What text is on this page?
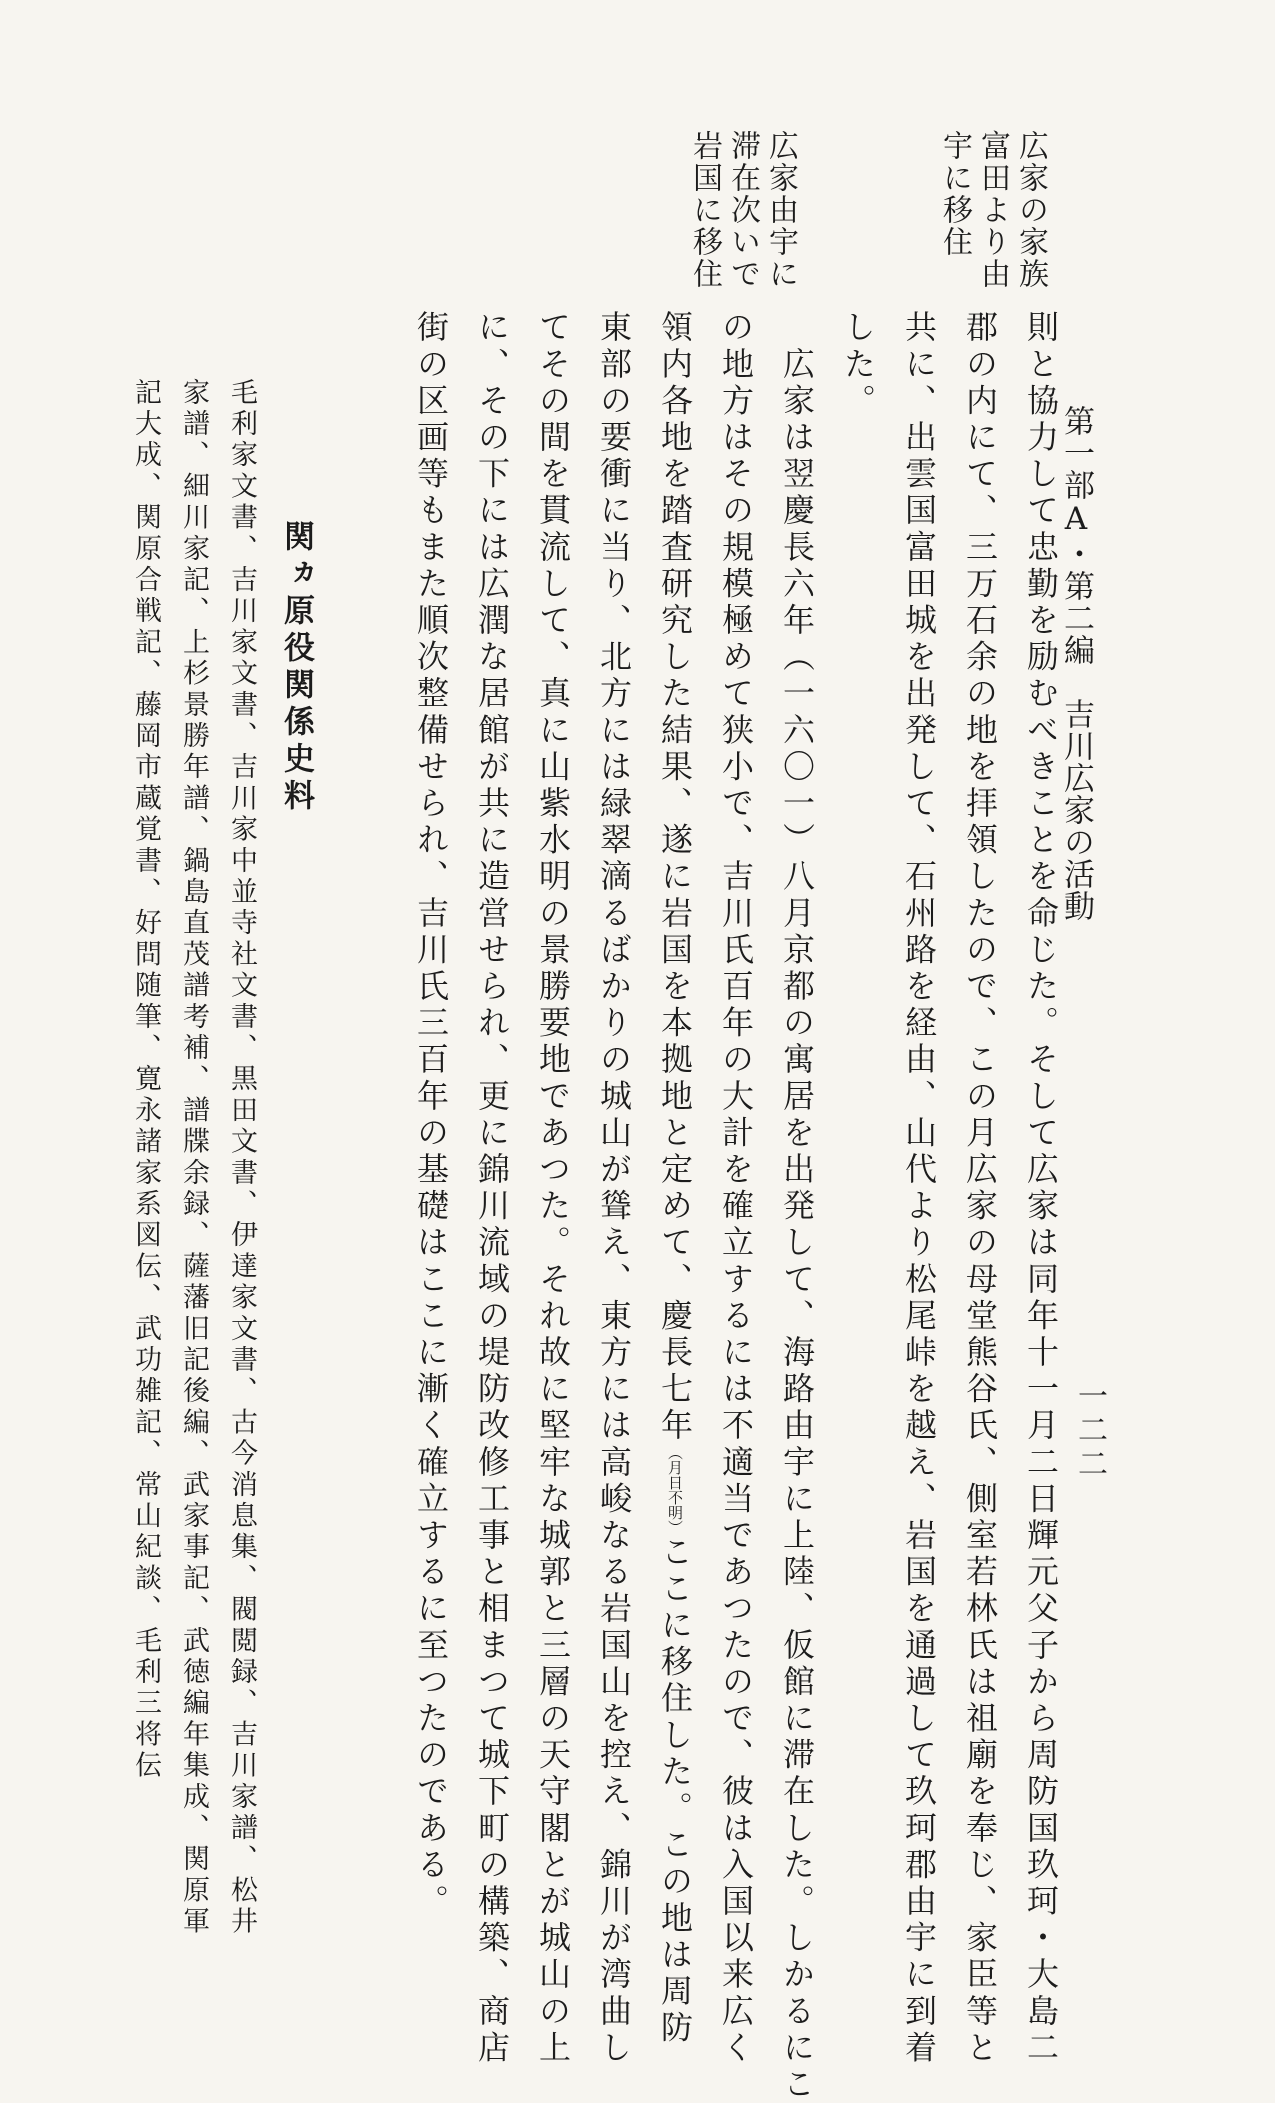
第一部A・第二編　吉川広家の活動
一二二
広家の家族
富田より由
宇に移住
広家由宇に
滞在次いで
岩国に移住
則と協力して忠勤を励むべきことを命じた。そして広家は同年十一月二日輝元父子から周防国玖珂・大島二
郡の内にて、三万石余の地を拝領したので、この月広家の母堂熊谷氏、側室若林氏は祖廟を奉じ、家臣等と
共に、出雲国富田城を出発して、石州路を経由、山代より松尾峠を越え、岩国を通過して玖珂郡由宇に到着
した。
　広家は翌慶長六年（一六〇一）八月京都の寓居を出発して、海路由宇に上陸、仮館に滞在した。しかるにこ
の地方はその規模極めて狭小で、吉川氏百年の大計を確立するには不適当であつたので、彼は入国以来広く
領内各地を踏査研究した結果、遂に岩国を本拠地と定めて、慶長七年（月日不明）ここに移住した。この地は周防
東部の要衝に当り、北方には緑翠滴るばかりの城山が聳え、東方には高峻なる岩国山を控え、錦川が湾曲し
てその間を貫流して、真に山紫水明の景勝要地であつた。それ故に堅牢な城郭と三層の天守閣とが城山の上
に、その下には広潤な居館が共に造営せられ、更に錦川流域の堤防改修工事と相まつて城下町の構築、商店
街の区画等もまた順次整備せられ、吉川氏三百年の基礎はここに漸く確立するに至つたのである。
関ヵ原役関係史料
毛利家文書、吉川家文書、吉川家中並寺社文書、黒田文書、伊達家文書、古今消息集、閥閲録、吉川家譜、松井
家譜、細川家記、上杉景勝年譜、鍋島直茂譜考補、譜牒余録、薩藩旧記後編、武家事記、武徳編年集成、関原軍
記大成、関原合戦記、藤岡市蔵覚書、好問随筆、寛永諸家系図伝、武功雑記、常山紀談、毛利三将伝
